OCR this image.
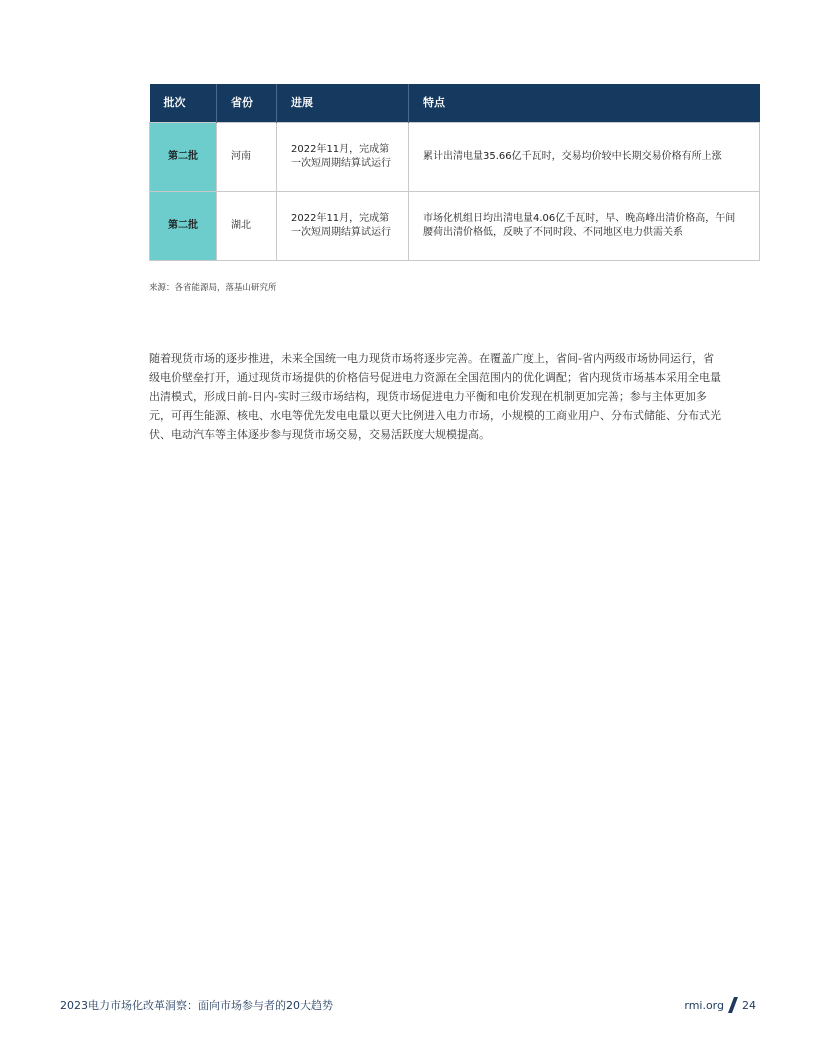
批次	省份	进展	特点
第二批	河南	2022年11月，完成第一次短周期结算试运行	累计出清电量35.66亿千瓦时，交易均价较中长期交易价格有所上涨
第二批	湖北	2022年11月，完成第一次短周期结算试运行	市场化机组日均出清电量4.06亿千瓦时，早、晚高峰出清价格高，午间腰荷出清价格低，反映了不同时段、不同地区电力供需关系
来源：各省能源局，落基山研究所

随着现货市场的逐步推进，未来全国统一电力现货市场将逐步完善。在覆盖广度上，省间-省内两级市场协同运行，省级电价壁垒打开，通过现货市场提供的价格信号促进电力资源在全国范围内的优化调配；省内现货市场基本采用全电量出清模式，形成日前-日内-实时三级市场结构，现货市场促进电力平衡和电价发现在机制更加完善；参与主体更加多元，可再生能源、核电、水电等优先发电电量以更大比例进入电力市场，小规模的工商业用户、分布式储能、分布式光伏、电动汽车等主体逐步参与现货市场交易，交易活跃度大规模提高。

2023电力市场化改革洞察：面向市场参与者的20大趋势	rmi.org 24
